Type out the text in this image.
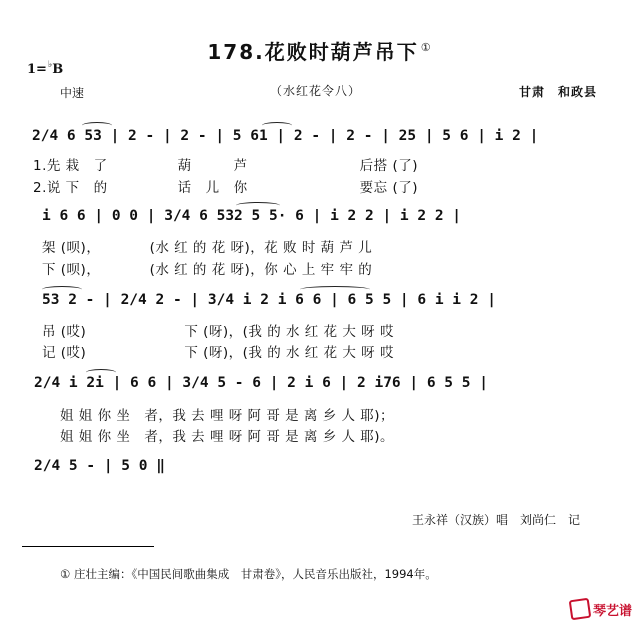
178.花败时葫芦吊下 ①
1=♭B
中速	（水红花令八）	甘肃　和政县
2/4 6 53 | 2 - | 2 - | 5 61 | 2 - | 2 - | 25 | 5 6 | i 2 |
1.先 栽　了　　　　　葫　　　芦　　　　　　　　后搭 (了)
2.说 下　的　　　　　话　儿　你　　　　　　　　要忘 (了)
i 6 6 | 0 0 | 3/4 6 532 5 5· 6 | i 2 2 | i 2 2 |
架 (呗)，　　　　(水 红 的 花 呀)，花 败 时 葫 芦 儿
下 (呗)，　　　　(水 红 的 花 呀)，你 心 上 牢 牢 的
53 2 - | 2/4 2 - | 3/4 i 2 i 6 6 | 6 5 5 | 6 i i 2 |
吊 (哎)　　　　　　　下 (呀)，(我 的 水 红 花 大 呀 哎
记 (哎)　　　　　　　下 (呀)，(我 的 水 红 花 大 呀 哎
2/4 i 2i | 6 6 | 3/4 5 - 6 | 2 i 6 | 2 i76 | 6 5 5 |
姐 姐 你 坐　者，我 去 哩 呀 阿 哥 是 离 乡 人 耶)；
姐 姐 你 坐　者，我 去 哩 呀 阿 哥 是 离 乡 人 耶)。
2/4 5 - | 5 0 ‖
王永祥（汉族）唱　刘尚仁　记
① 庄壮主编：《中国民间歌曲集成　甘肃卷》，人民音乐出版社，1994年。
琴艺谱
